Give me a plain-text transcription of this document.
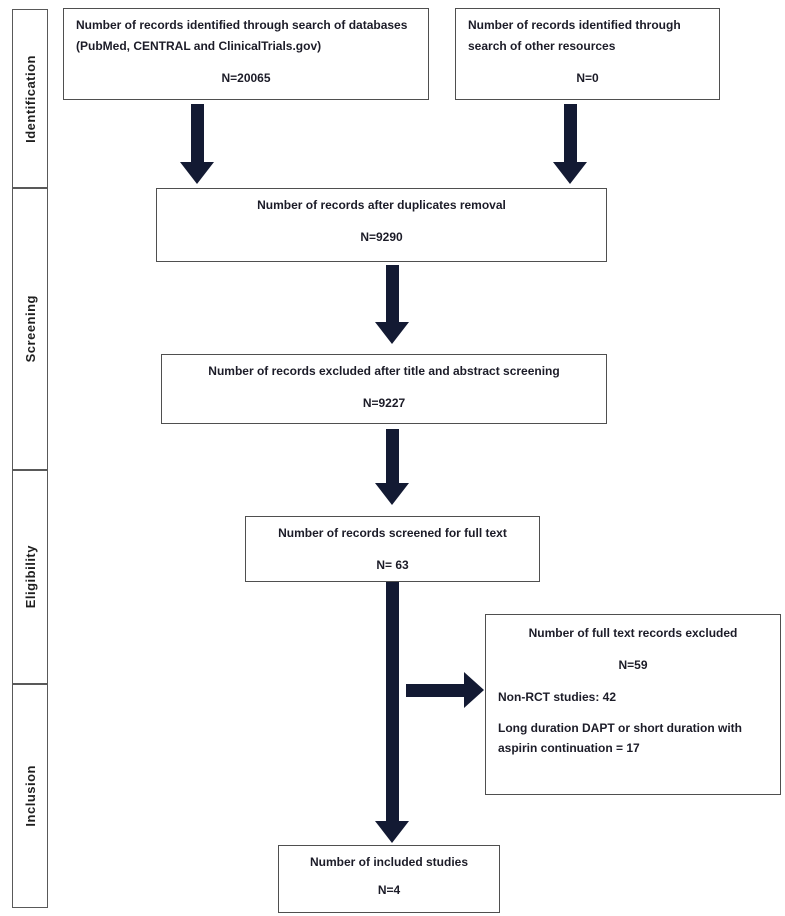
Identification
Screening
Eligibility
Inclusion
Number of records identified through search of databases (PubMed, CENTRAL and ClinicalTrials.gov)
N=20065
Number of records identified through search of other resources
N=0
Number of records after duplicates removal
N=9290
Number of records excluded after title and abstract screening
N=9227
Number of records screened for full text
N= 63
Number of full text records excluded
N=59
Non-RCT studies: 42
Long duration DAPT or short duration with aspirin continuation = 17
Number of included studies
N=4
